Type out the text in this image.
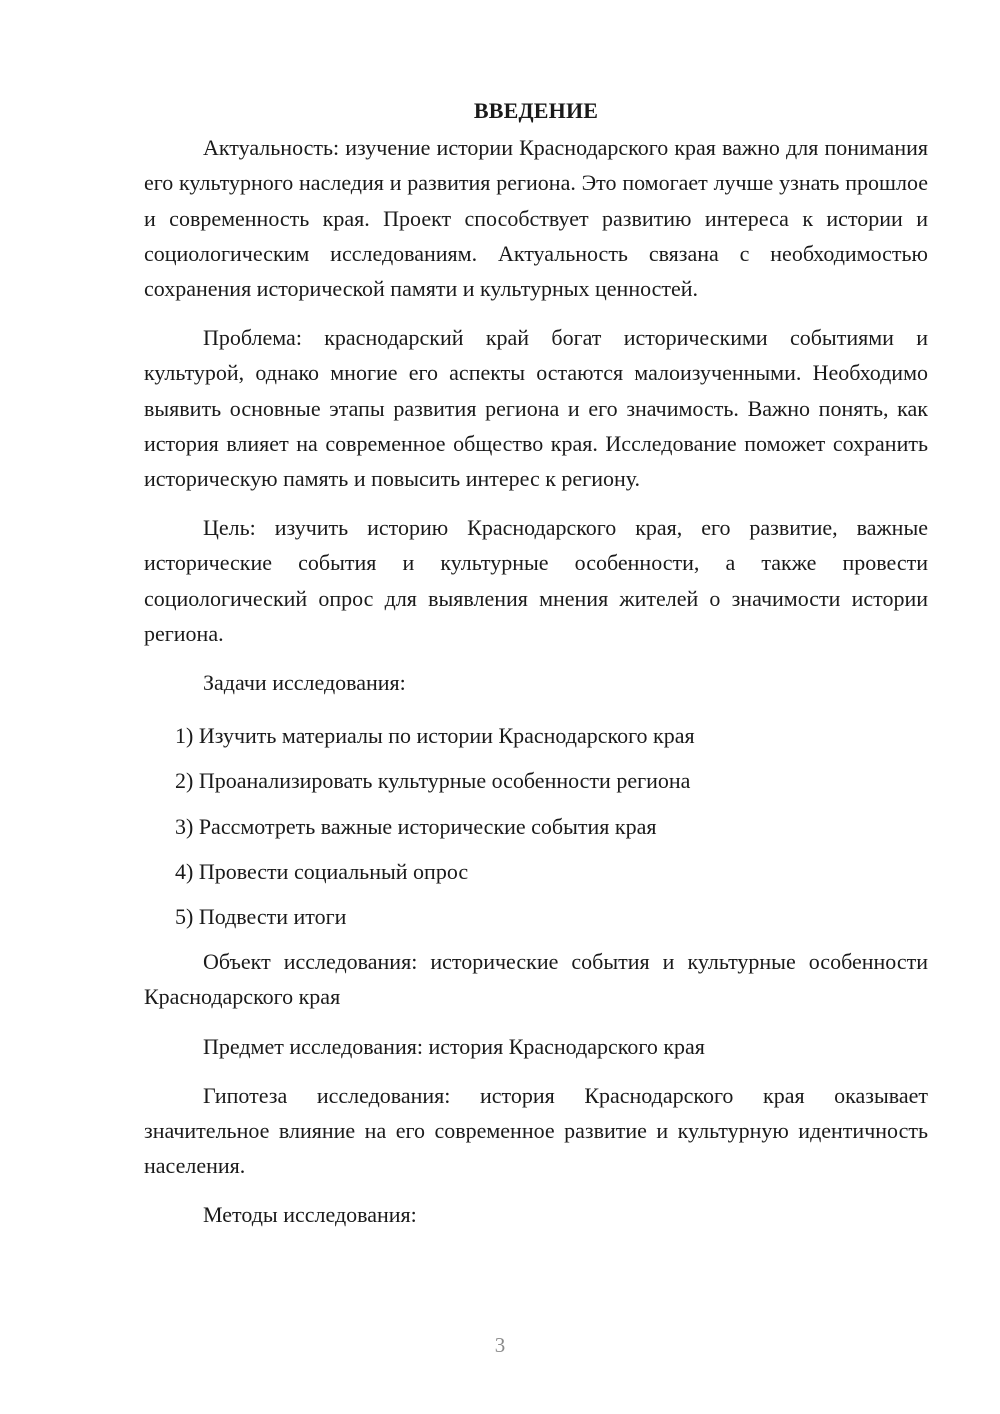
ВВЕДЕНИЕ

Актуальность: изучение истории Краснодарского края важно для понимания его культурного наследия и развития региона. Это помогает лучше узнать прошлое и современность края. Проект способствует развитию интереса к истории и социологическим исследованиям. Актуальность связана с необходимостью сохранения исторической памяти и культурных ценностей.

Проблема: краснодарский край богат историческими событиями и культурой, однако многие его аспекты остаются малоизученными. Необходимо выявить основные этапы развития региона и его значимость. Важно понять, как история влияет на современное общество края. Исследование поможет сохранить историческую память и повысить интерес к региону.

Цель: изучить историю Краснодарского края, его развитие, важные исторические события и культурные особенности, а также провести социологический опрос для выявления мнения жителей о значимости истории региона.

Задачи исследования:

1) Изучить материалы по истории Краснодарского края
2) Проанализировать культурные особенности региона
3) Рассмотреть важные исторические события края
4) Провести социальный опрос
5) Подвести итоги

Объект исследования: исторические события и культурные особенности Краснодарского края

Предмет исследования: история Краснодарского края

Гипотеза исследования: история Краснодарского края оказывает значительное влияние на его современное развитие и культурную идентичность населения.

Методы исследования:

3
